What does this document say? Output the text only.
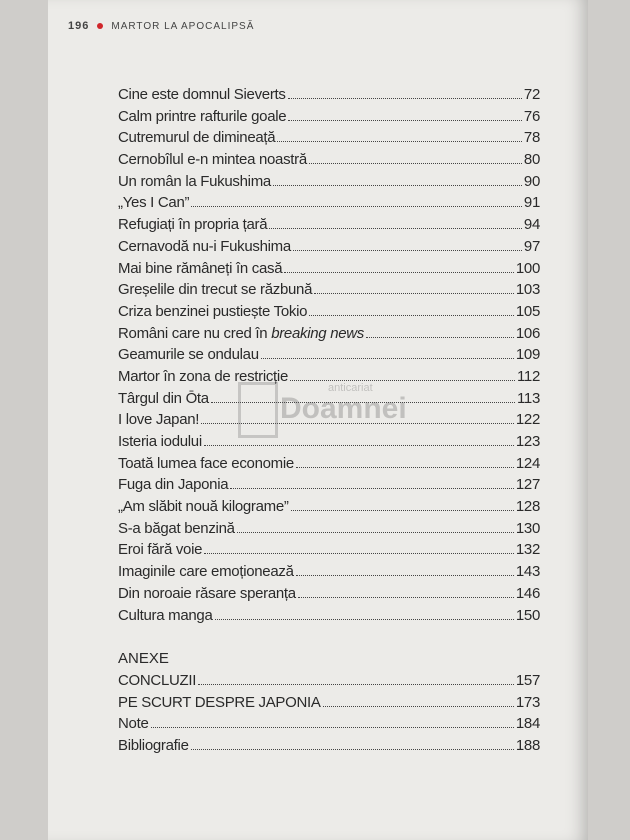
196 MARTOR LA APOCALIPSĂ
Cine este domnul Sieverts	72
Calm printre rafturile goale	76
Cutremurul de dimineață	78
Cernobîlul e-n mintea noastră	80
Un român la Fukushima	90
„Yes I Can”	91
Refugiați în propria țară	94
Cernavodă nu-i Fukushima	97
Mai bine rămâneți în casă	100
Greșelile din trecut se răzbună	103
Criza benzinei pustiește Tokio	105
Români care nu cred în breaking news	106
Geamurile se ondulau	109
Martor în zona de restricție	112
Târgul din Ōta	113
I love Japan!	122
Isteria iodului	123
Toată lumea face economie	124
Fuga din Japonia	127
„Am slăbit nouă kilograme”	128
S-a băgat benzină	130
Eroi fără voie	132
Imaginile care emoționează	143
Din noroaie răsare speranța	146
Cultura manga	150
ANEXE
CONCLUZII	157
PE SCURT DESPRE JAPONIA	173
Note	184
Bibliografie	188
anticariat
Doamnei
